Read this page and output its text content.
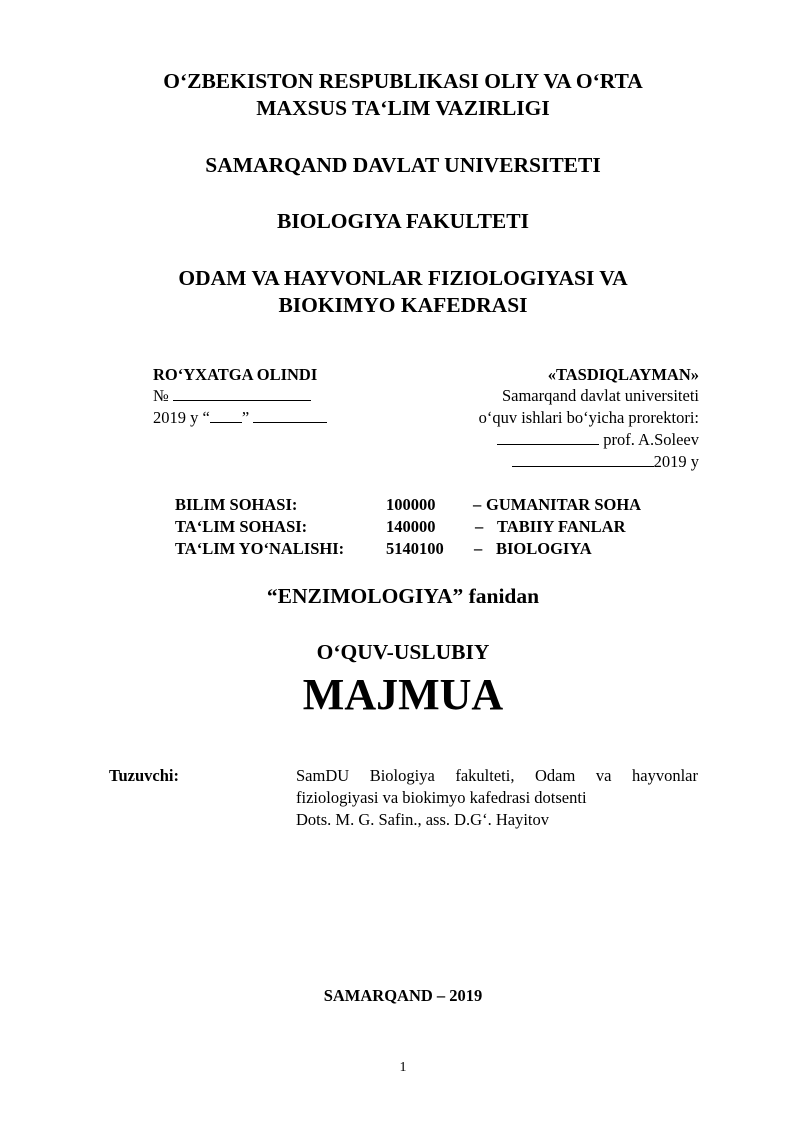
O‘ZBEKISTON RESPUBLIKASI OLIY VA O‘RTA
MAXSUS TA‘LIM VAZIRLIGI
SAMARQAND DAVLAT UNIVERSITETI
BIOLOGIYA FAKULTETI
ODAM VA HAYVONLAR FIZIOLOGIYASI VA
BIOKIMYO KAFEDRASI
RO‘YXATGA OLINDI
№
2019 y “ ”
«TASDIQLAYMAN»
Samarqand davlat universiteti
o‘quv ishlari bo‘yicha prorektori:
prof. A.Soleev
2019 y
BILIM SOHASI:	100000 – GUMANITAR SOHA
TA‘LIM SOHASI:	140000 – TABIIY FANLAR
TA‘LIM YO‘NALISHI:	5140100 – BIOLOGIYA
“ENZIMOLOGIYA” fanidan
O‘QUV-USLUBIY
MAJMUA
Tuzuvchi:	SamDU Biologiya fakulteti, Odam va hayvonlar
fiziologiyasi va biokimyo kafedrasi dotsenti
Dots. M. G. Safin., ass. D.G‘. Hayitov
SAMARQAND – 2019
1
